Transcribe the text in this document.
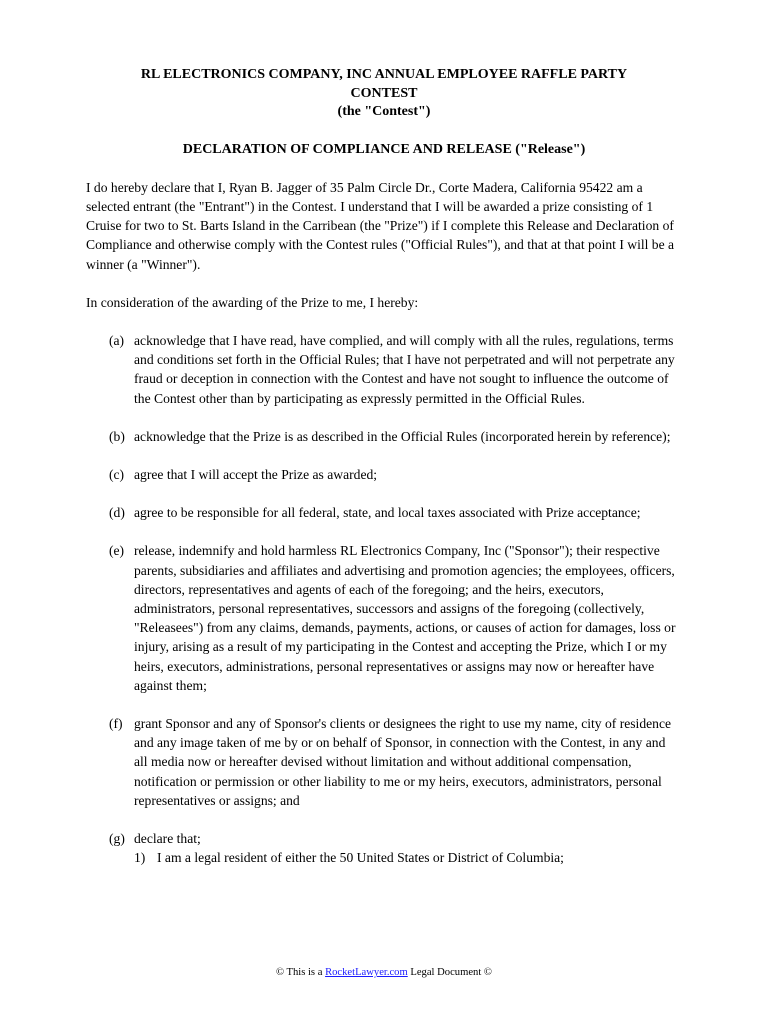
RL ELECTRONICS COMPANY, INC ANNUAL EMPLOYEE RAFFLE PARTY
CONTEST
(the "Contest")
DECLARATION OF COMPLIANCE AND RELEASE ("Release")

I do hereby declare that I, Ryan B. Jagger of 35 Palm Circle Dr., Corte Madera, California 95422 am a selected entrant (the "Entrant") in the Contest. I understand that I will be awarded a prize consisting of 1 Cruise for two to St. Barts Island in the Carribean (the "Prize") if I complete this Release and Declaration of Compliance and otherwise comply with the Contest rules ("Official Rules"), and that at that point I will be a winner (a "Winner").

In consideration of the awarding of the Prize to me, I hereby:

(a) acknowledge that I have read, have complied, and will comply with all the rules, regulations, terms and conditions set forth in the Official Rules; that I have not perpetrated and will not perpetrate any fraud or deception in connection with the Contest and have not sought to influence the outcome of the Contest other than by participating as expressly permitted in the Official Rules.
(b) acknowledge that the Prize is as described in the Official Rules (incorporated herein by reference);
(c) agree that I will accept the Prize as awarded;
(d) agree to be responsible for all federal, state, and local taxes associated with Prize acceptance;
(e) release, indemnify and hold harmless RL Electronics Company, Inc ("Sponsor"); their respective parents, subsidiaries and affiliates and advertising and promotion agencies; the employees, officers, directors, representatives and agents of each of the foregoing; and the heirs, executors, administrators, personal representatives, successors and assigns of the foregoing (collectively, "Releasees") from any claims, demands, payments, actions, or causes of action for damages, loss or injury, arising as a result of my participating in the Contest and accepting the Prize, which I or my heirs, executors, administrations, personal representatives or assigns may now or hereafter have against them;
(f) grant Sponsor and any of Sponsor's clients or designees the right to use my name, city of residence and any image taken of me by or on behalf of Sponsor, in connection with the Contest, in any and all media now or hereafter devised without limitation and without additional compensation, notification or permission or other liability to me or my heirs, executors, administrators, personal representatives or assigns; and
(g) declare that;
1) I am a legal resident of either the 50 United States or District of Columbia;
© This is a RocketLawyer.com Legal Document ©
